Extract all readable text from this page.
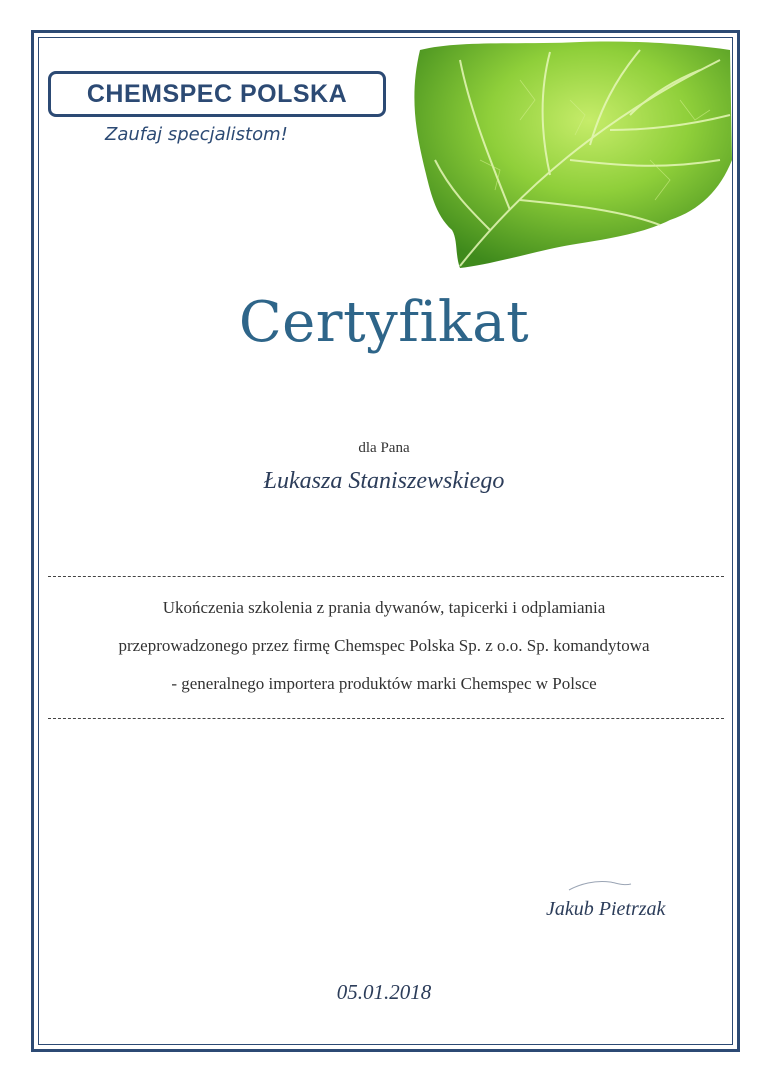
CHEMSPEC POLSKA
Zaufaj specjalistom!
Certyfikat
dla Pana
Łukasza Staniszewskiego
Ukończenia szkolenia z prania dywanów, tapicerki i odplamiania
przeprowadzonego przez firmę Chemspec Polska Sp. z o.o. Sp. komandytowa
- generalnego importera produktów marki Chemspec w Polsce
Jakub Pietrzak
05.01.2018
